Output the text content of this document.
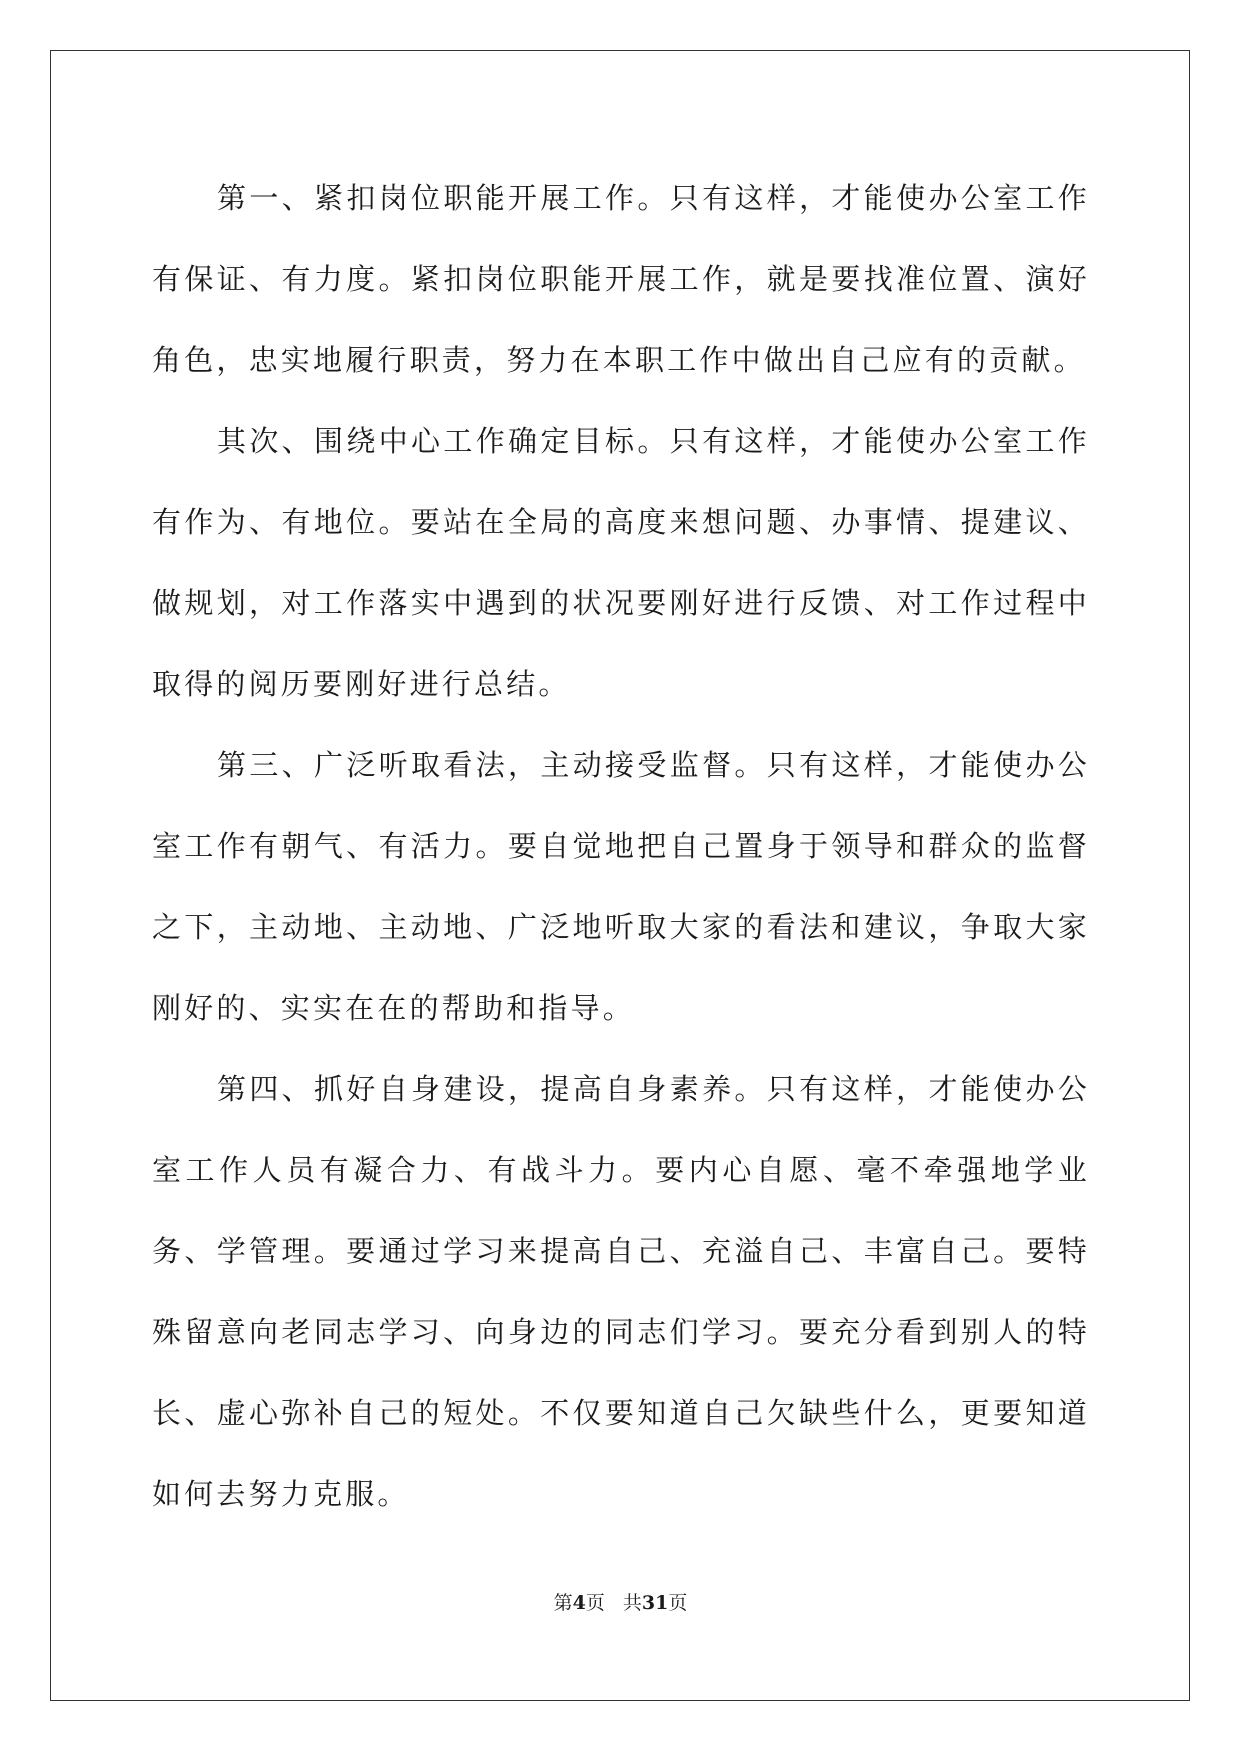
第一、紧扣岗位职能开展工作。只有这样，才能使办公室工作有保证、有力度。紧扣岗位职能开展工作，就是要找准位置、演好角色，忠实地履行职责，努力在本职工作中做出自己应有的贡献。

其次、围绕中心工作确定目标。只有这样，才能使办公室工作有作为、有地位。要站在全局的高度来想问题、办事情、提建议、做规划，对工作落实中遇到的状况要刚好进行反馈、对工作过程中取得的阅历要刚好进行总结。

第三、广泛听取看法，主动接受监督。只有这样，才能使办公室工作有朝气、有活力。要自觉地把自己置身于领导和群众的监督之下，主动地、主动地、广泛地听取大家的看法和建议，争取大家刚好的、实实在在的帮助和指导。

第四、抓好自身建设，提高自身素养。只有这样，才能使办公室工作人员有凝合力、有战斗力。要内心自愿、毫不牵强地学业务、学管理。要通过学习来提高自己、充溢自己、丰富自己。要特殊留意向老同志学习、向身边的同志们学习。要充分看到别人的特长、虚心弥补自己的短处。不仅要知道自己欠缺些什么，更要知道如何去努力克服。

第4页 共31页
